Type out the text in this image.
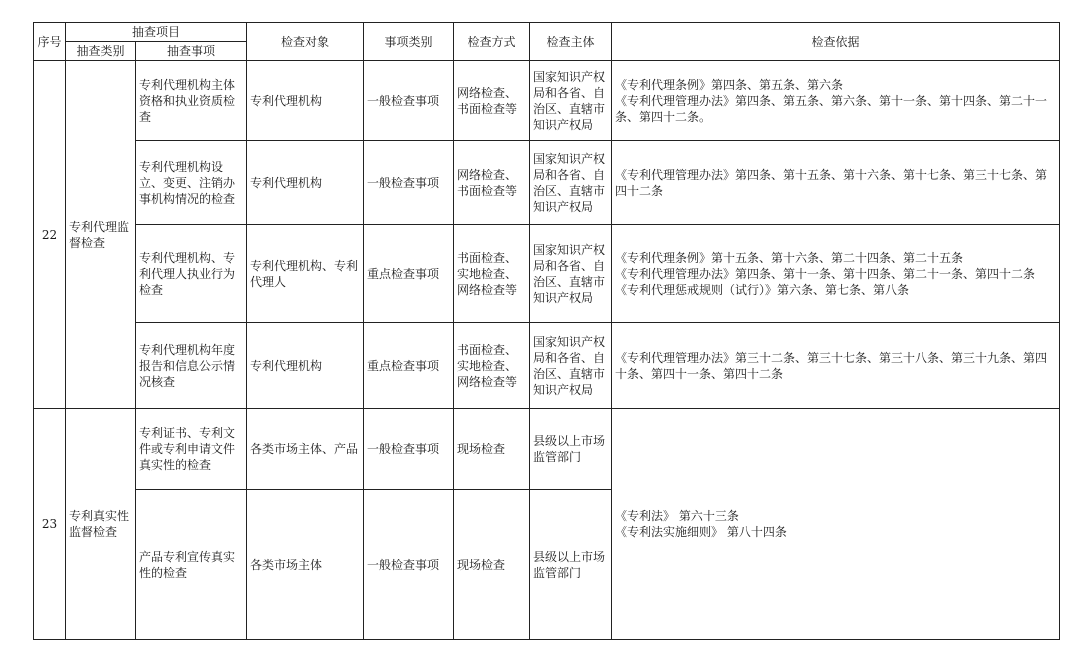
序号	抽查项目		检查对象	事项类别	检查方式	检查主体	检查依据
	抽查类别	抽查事项					
22	专利代理监督检查	专利代理机构主体资格和执业资质检查	专利代理机构	一般检查事项	网络检查、书面检查等	国家知识产权局和各省、自治区、直辖市知识产权局	《专利代理条例》第四条、第五条、第六条
《专利代理管理办法》第四条、第五条、第六条、第十一条、第十四条、第二十一条、第四十二条。

		专利代理机构设立、变更、注销办事机构情况的检查	专利代理机构	一般检查事项	网络检查、书面检查等	国家知识产权局和各省、自治区、直辖市知识产权局	《专利代理管理办法》第四条、第十五条、第十六条、第十七条、第三十七条、第四十二条

		专利代理机构、专利代理人执业行为检查	专利代理机构、专利代理人	重点检查事项	书面检查、实地检查、网络检查等	国家知识产权局和各省、自治区、直辖市知识产权局	《专利代理条例》第十五条、第十六条、第二十四条、第二十五条
《专利代理管理办法》第四条、第十一条、第十四条、第二十一条、第四十二条
《专利代理惩戒规则（试行）》第六条、第七条、第八条

		专利代理机构年度报告和信息公示情况核查	专利代理机构	重点检查事项	书面检查、实地检查、网络检查等	国家知识产权局和各省、自治区、直辖市知识产权局	《专利代理管理办法》第三十二条、第三十七条、第三十八条、第三十九条、第四十条、第四十一条、第四十二条

23	专利真实性监督检查	专利证书、专利文件或专利申请文件真实性的检查	各类市场主体、产品	一般检查事项	现场检查	县级以上市场监管部门	《专利法》 第六十三条
《专利法实施细则》 第八十四条

		产品专利宣传真实性的检查	各类市场主体	一般检查事项	现场检查	县级以上市场监管部门	
